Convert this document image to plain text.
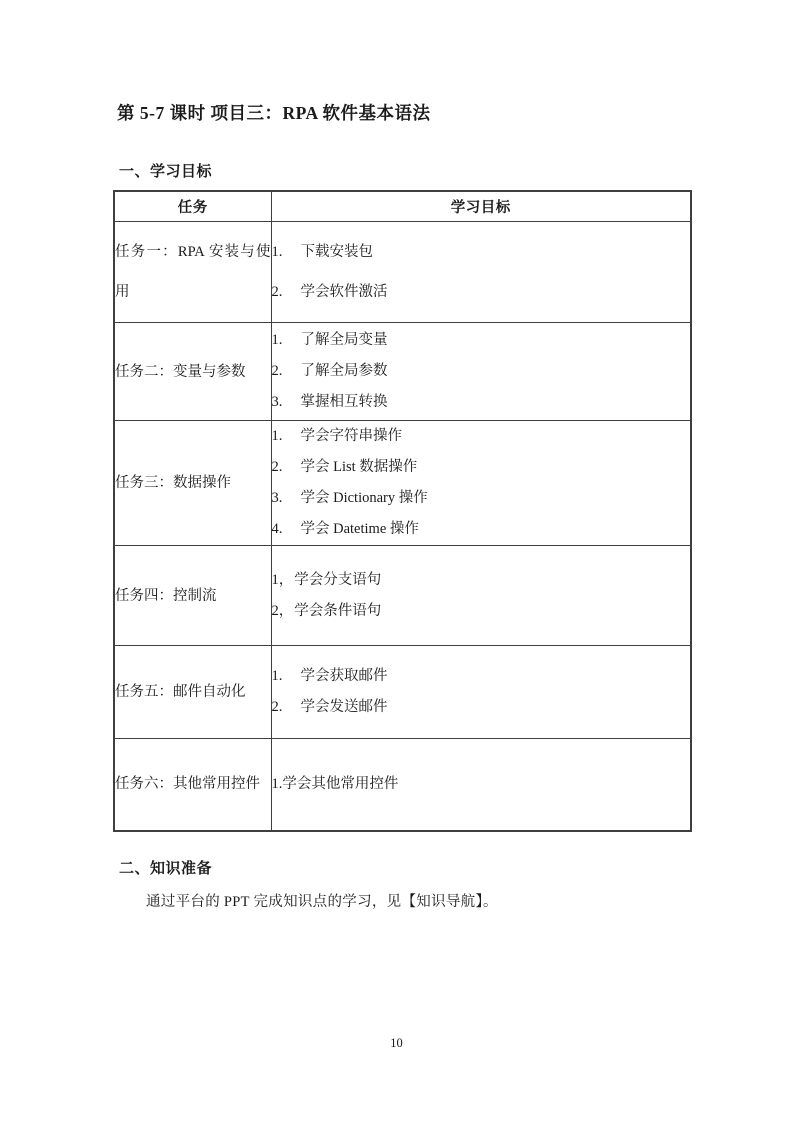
第 5-7 课时 项目三：RPA 软件基本语法
一、学习目标
任务	学习目标
任务一：RPA 安装与使用	1. 下载安装包
2. 学会软件激活

任务二：变量与参数	1. 了解全局变量
2. 了解全局参数
3. 掌握相互转换

任务三：数据操作	1. 学会字符串操作
2. 学会 List 数据操作
3. 学会 Dictionary 操作
4. 学会 Datetime 操作

任务四：控制流	1，学会分支语句
2，学会条件语句

任务五：邮件自动化	1. 学会获取邮件
2. 学会发送邮件

任务六：其他常用控件	1.学会其他常用控件
二、知识准备
通过平台的 PPT 完成知识点的学习，见【知识导航】。
10
